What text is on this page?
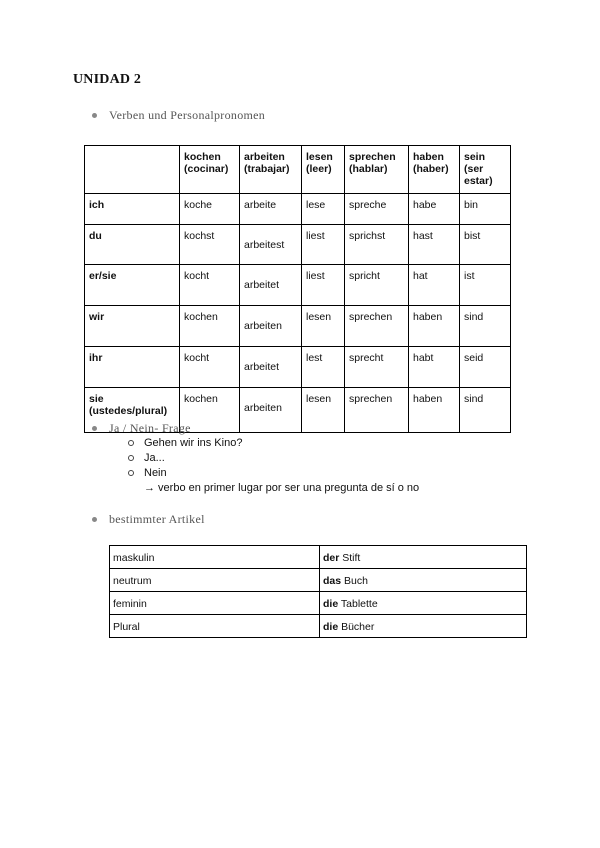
UNIDAD 2
Verben und Personalpronomen
	kochen (cocinar)	arbeiten (trabajar)	lesen (leer)	sprechen (hablar)	haben (haber)	sein (ser estar)
ich	koche	arbeite	lese	spreche	habe	bin
du	kochst	arbeitest	liest	sprichst	hast	bist
er/sie	kocht	arbeitet	liest	spricht	hat	ist
wir	kochen	arbeiten	lesen	sprechen	haben	sind
ihr	kocht	arbeitet	lest	sprecht	habt	seid
sie (ustedes/plural)	kochen	arbeiten	lesen	sprechen	haben	sind
Ja / Nein- Frage
Gehen wir ins Kino?
Ja...
Nein
→ verbo en primer lugar por ser una pregunta de sí o no
bestimmter Artikel
maskulin	der Stift
neutrum	das Buch
feminin	die Tablette
Plural	die Bücher
